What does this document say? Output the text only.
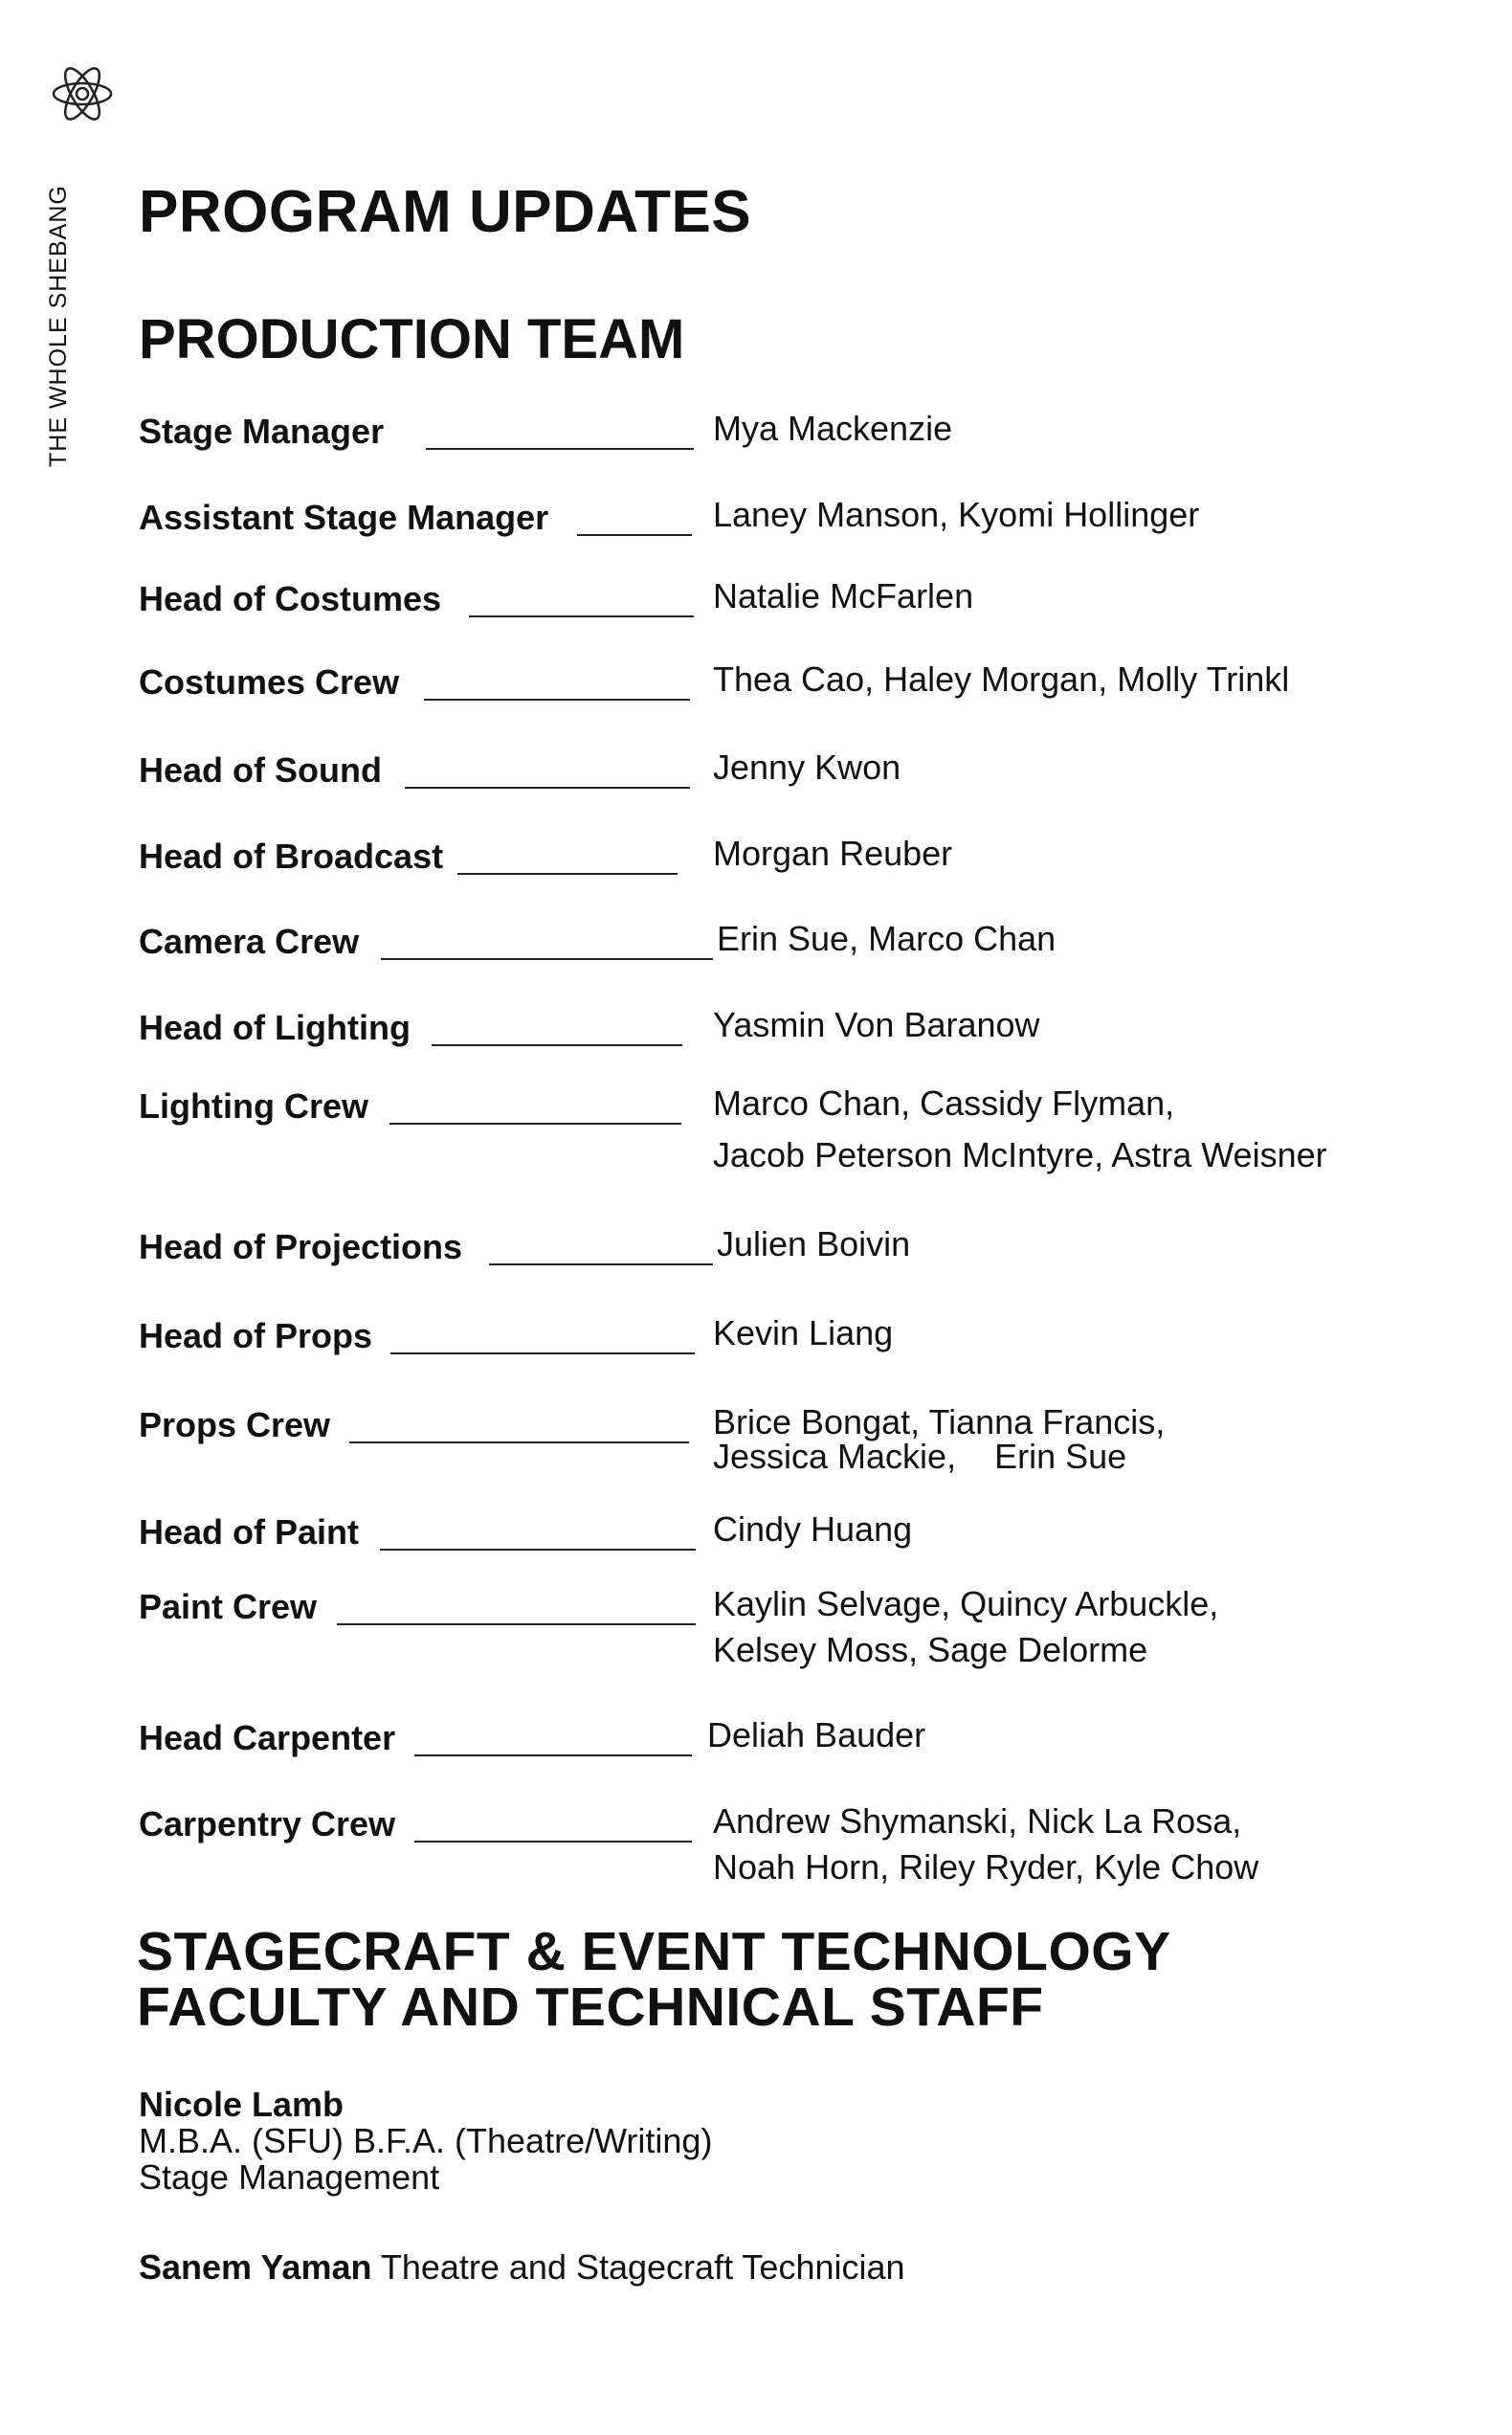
THE WHOLE SHEBANG PROGRAM UPDATES
PRODUCTION TEAM
Stage Manager	Mya Mackenzie
Assistant Stage Manager	Laney Manson, Kyomi Hollinger
Head of Costumes	Natalie McFarlen
Costumes Crew	Thea Cao, Haley Morgan, Molly Trinkl
Head of Sound	Jenny Kwon
Head of Broadcast	Morgan Reuber
Camera Crew	Erin Sue, Marco Chan
Head of Lighting	Yasmin Von Baranow
Lighting Crew	Marco Chan, Cassidy Flyman,
Jacob Peterson McIntyre, Astra Weisner
Head of Projections	Julien Boivin
Head of Props	Kevin Liang
Props Crew	Brice Bongat, Tianna Francis,
Jessica Mackie,    Erin Sue
Head of Paint	Cindy Huang
Paint Crew	Kaylin Selvage, Quincy Arbuckle,
Kelsey Moss, Sage Delorme
Head Carpenter	Deliah Bauder
Carpentry Crew	Andrew Shymanski, Nick La Rosa,
Noah Horn, Riley Ryder, Kyle Chow
STAGECRAFT & EVENT TECHNOLOGY
FACULTY AND TECHNICAL STAFF
Nicole Lamb
M.B.A. (SFU) B.F.A. (Theatre/Writing)
Stage Management
Sanem Yaman Theatre and Stagecraft Technician
